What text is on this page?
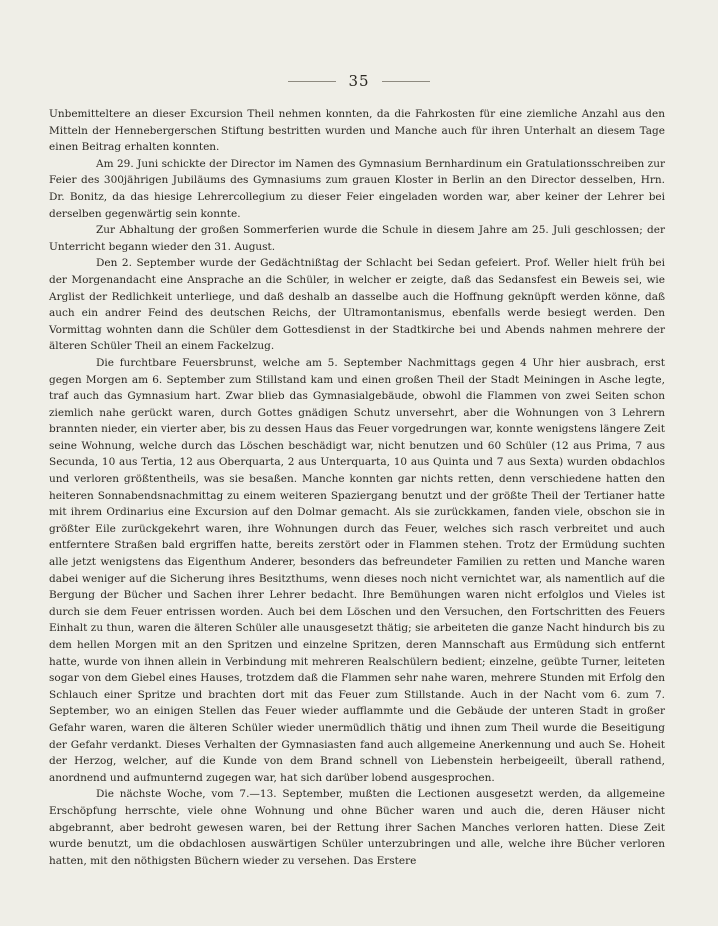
35

Unbemitteltere an dieser Excursion Theil nehmen konnten, da die Fahrkosten für eine ziemliche Anzahl aus den Mitteln der Hennebergerschen Stiftung bestritten wurden und Manche auch für ihren Unterhalt an diesem Tage einen Beitrag erhalten konnten.

Am 29. Juni schickte der Director im Namen des Gymnasium Bernhardinum ein Gratulationsschreiben zur Feier des 300jährigen Jubiläums des Gymnasiums zum grauen Kloster in Berlin an den Director desselben, Hrn. Dr. Bonitz, da das hiesige Lehrercollegium zu dieser Feier eingeladen worden war, aber keiner der Lehrer bei derselben gegenwärtig sein konnte.

Zur Abhaltung der großen Sommerferien wurde die Schule in diesem Jahre am 25. Juli geschlossen; der Unterricht begann wieder den 31. August.

Den 2. September wurde der Gedächtnißtag der Schlacht bei Sedan gefeiert. Prof. Weller hielt früh bei der Morgenandacht eine Ansprache an die Schüler, in welcher er zeigte, daß das Sedansfest ein Beweis sei, wie Arglist der Redlichkeit unterliege, und daß deshalb an dasselbe auch die Hoffnung geknüpft werden könne, daß auch ein andrer Feind des deutschen Reichs, der Ultramontanismus, ebenfalls werde besiegt werden. Den Vormittag wohnten dann die Schüler dem Gottesdienst in der Stadtkirche bei und Abends nahmen mehrere der älteren Schüler Theil an einem Fackelzug.

Die furchtbare Feuersbrunst, welche am 5. September Nachmittags gegen 4 Uhr hier ausbrach, erst gegen Morgen am 6. September zum Stillstand kam und einen großen Theil der Stadt Meiningen in Asche legte, traf auch das Gymnasium hart. Zwar blieb das Gymnasialgebäude, obwohl die Flammen von zwei Seiten schon ziemlich nahe gerückt waren, durch Gottes gnädigen Schutz unversehrt, aber die Wohnungen von 3 Lehrern brannten nieder, ein vierter aber, bis zu dessen Haus das Feuer vorgedrungen war, konnte wenigstens längere Zeit seine Wohnung, welche durch das Löschen beschädigt war, nicht benutzen und 60 Schüler (12 aus Prima, 7 aus Secunda, 10 aus Tertia, 12 aus Oberquarta, 2 aus Unterquarta, 10 aus Quinta und 7 aus Sexta) wurden obdachlos und verloren größtentheils, was sie besaßen. Manche konnten gar nichts retten, denn verschiedene hatten den heiteren Sonnabendsnachmittag zu einem weiteren Spaziergang benutzt und der größte Theil der Tertianer hatte mit ihrem Ordinarius eine Excursion auf den Dolmar gemacht. Als sie zurückkamen, fanden viele, obschon sie in größter Eile zurückgekehrt waren, ihre Wohnungen durch das Feuer, welches sich rasch verbreitet und auch entferntere Straßen bald ergriffen hatte, bereits zerstört oder in Flammen stehen. Trotz der Ermüdung suchten alle jetzt wenigstens das Eigenthum Anderer, besonders das befreundeter Familien zu retten und Manche waren dabei weniger auf die Sicherung ihres Besitzthums, wenn dieses noch nicht vernichtet war, als namentlich auf die Bergung der Bücher und Sachen ihrer Lehrer bedacht. Ihre Bemühungen waren nicht erfolglos und Vieles ist durch sie dem Feuer entrissen worden. Auch bei dem Löschen und den Versuchen, den Fortschritten des Feuers Einhalt zu thun, waren die älteren Schüler alle unausgesetzt thätig; sie arbeiteten die ganze Nacht hindurch bis zu dem hellen Morgen mit an den Spritzen und einzelne Spritzen, deren Mannschaft aus Ermüdung sich entfernt hatte, wurde von ihnen allein in Verbindung mit mehreren Realschülern bedient; einzelne, geübte Turner, leiteten sogar von dem Giebel eines Hauses, trotzdem daß die Flammen sehr nahe waren, mehrere Stunden mit Erfolg den Schlauch einer Spritze und brachten dort mit das Feuer zum Stillstande. Auch in der Nacht vom 6. zum 7. September, wo an einigen Stellen das Feuer wieder aufflammte und die Gebäude der unteren Stadt in großer Gefahr waren, waren die älteren Schüler wieder unermüdlich thätig und ihnen zum Theil wurde die Beseitigung der Gefahr verdankt. Dieses Verhalten der Gymnasiasten fand auch allgemeine Anerkennung und auch Se. Hoheit der Herzog, welcher, auf die Kunde von dem Brand schnell von Liebenstein herbeigeeilt, überall rathend, anordnend und aufmunternd zugegen war, hat sich darüber lobend ausgesprochen.

Die nächste Woche, vom 7.—13. September, mußten die Lectionen ausgesetzt werden, da allgemeine Erschöpfung herrschte, viele ohne Wohnung und ohne Bücher waren und auch die, deren Häuser nicht abgebrannt, aber bedroht gewesen waren, bei der Rettung ihrer Sachen Manches verloren hatten. Diese Zeit wurde benutzt, um die obdachlosen auswärtigen Schüler unterzubringen und alle, welche ihre Bücher verloren hatten, mit den nöthigsten Büchern wieder zu versehen. Das Erstere
